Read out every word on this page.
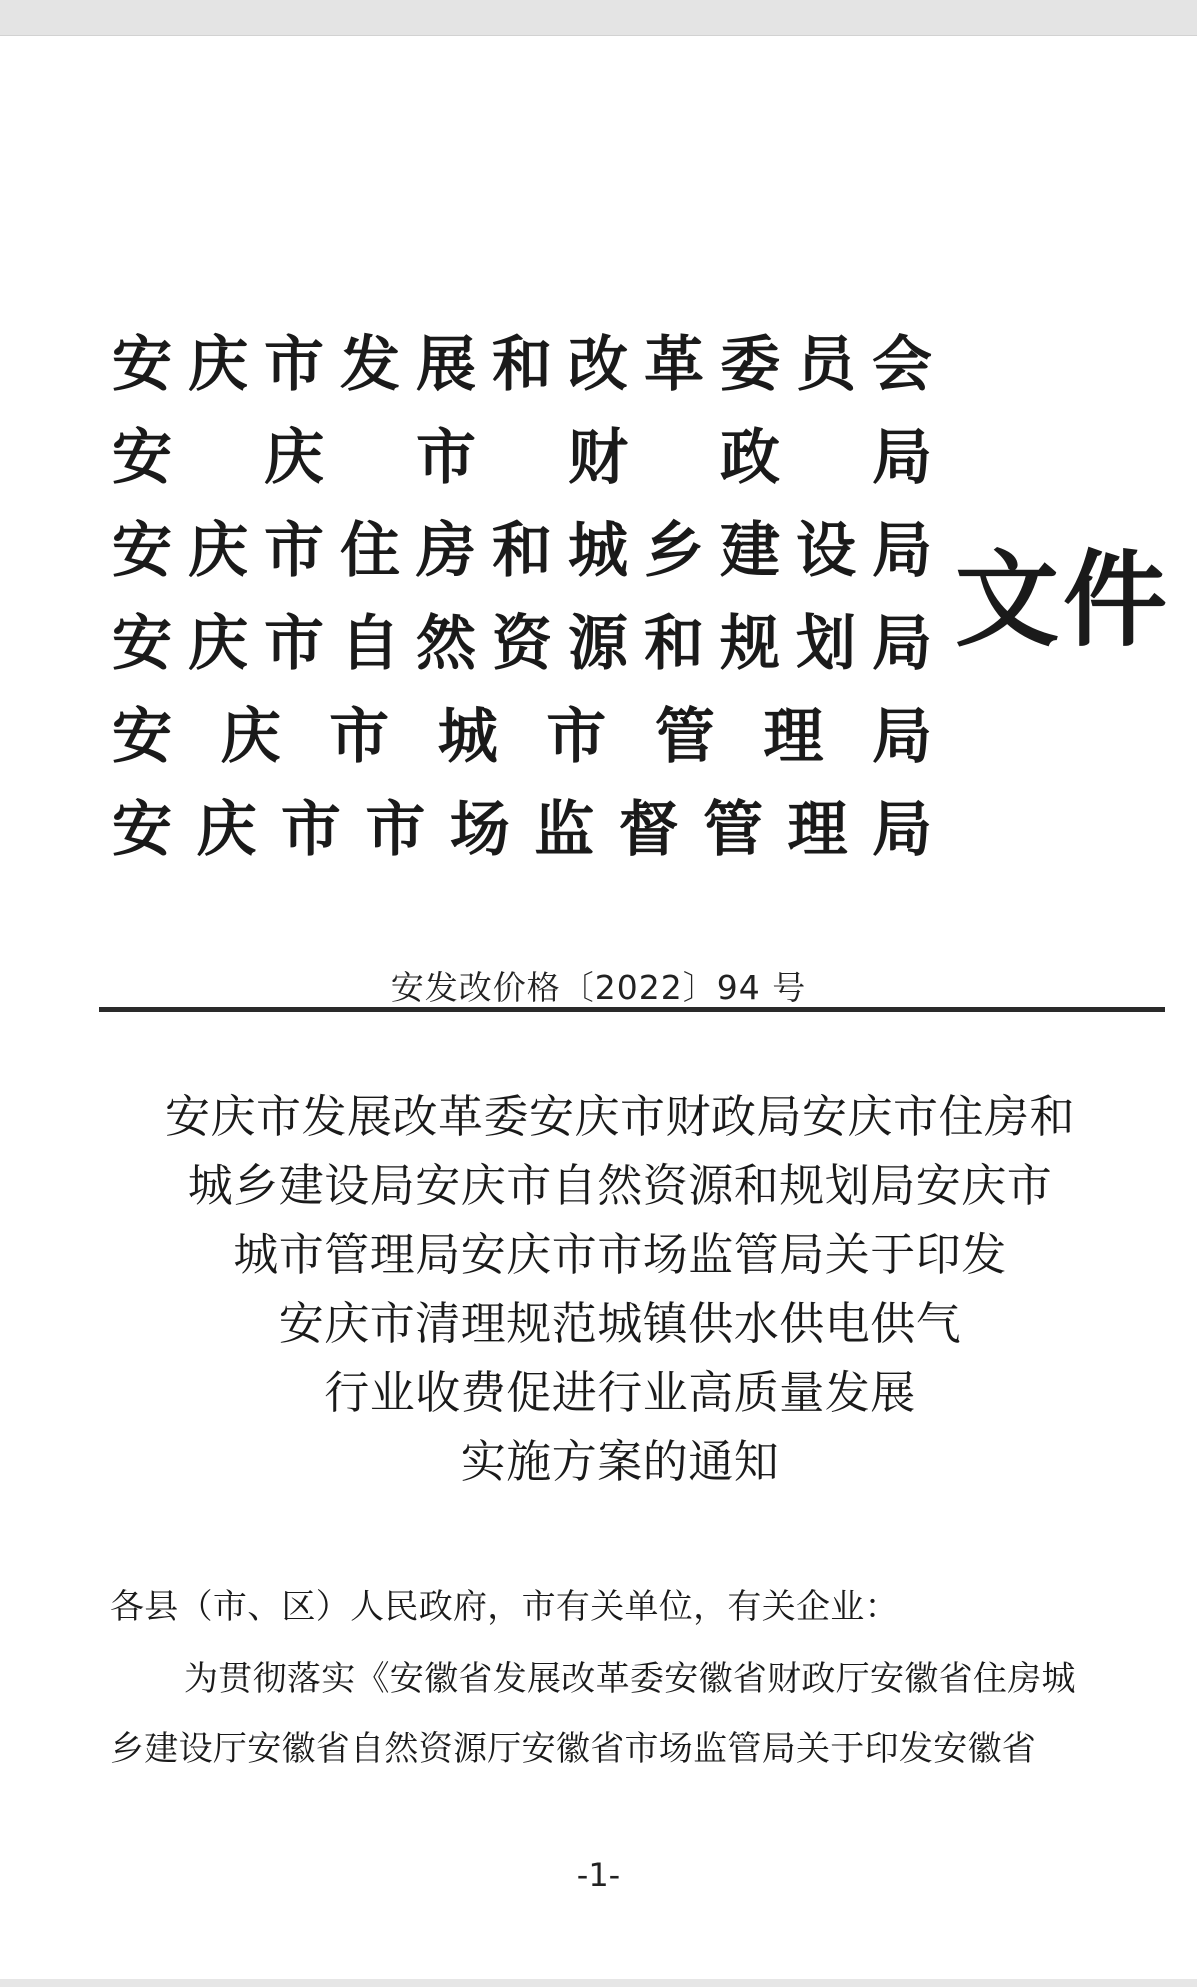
安 庆 市 发 展 和 改 革 委 员 会
安 庆 市 财 政 局
安 庆 市 住 房 和 城 乡 建 设 局
安 庆 市 自 然 资 源 和 规 划 局
安 庆 市 城 市 管 理 局
安 庆 市 市 场 监 督 管 理 局
文件
安发改价格〔2022〕94 号
安庆市发展改革委安庆市财政局安庆市住房和
城乡建设局安庆市自然资源和规划局安庆市
城市管理局安庆市市场监管局关于印发
安庆市清理规范城镇供水供电供气
行业收费促进行业高质量发展
实施方案的通知
各县（市、区）人民政府，市有关单位，有关企业：
为贯彻落实《安徽省发展改革委安徽省财政厅安徽省住房城
乡建设厅安徽省自然资源厅安徽省市场监管局关于印发安徽省
-1-
